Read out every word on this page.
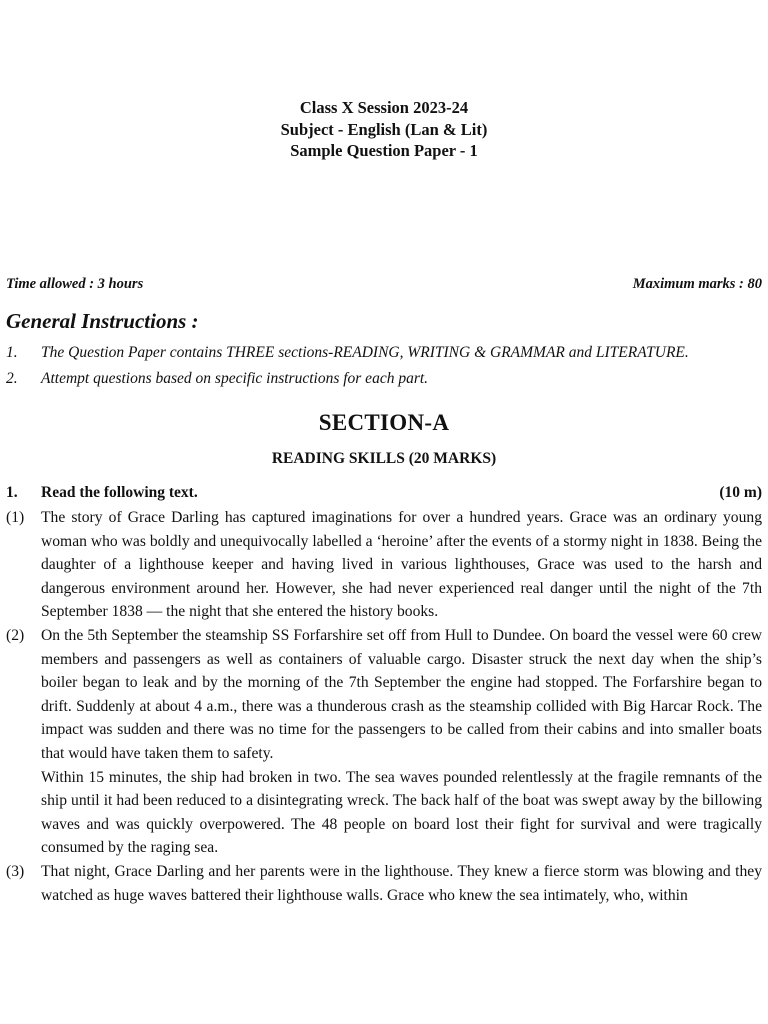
Class X Session 2023-24
Subject - English (Lan & Lit)
Sample Question Paper - 1
Time allowed : 3 hours	Maximum marks : 80
General Instructions :
1. The Question Paper contains THREE sections-READING, WRITING & GRAMMAR and LITERATURE.
2. Attempt questions based on specific instructions for each part.
SECTION-A
READING SKILLS (20 MARKS)
1. Read the following text.	(10 m)
(1) The story of Grace Darling has captured imaginations for over a hundred years. Grace was an ordinary young woman who was boldly and unequivocally labelled a ‘heroine’ after the events of a stormy night in 1838. Being the daughter of a lighthouse keeper and having lived in various lighthouses, Grace was used to the harsh and dangerous environment around her. However, she had never experienced real danger until the night of the 7th September 1838 — the night that she entered the history books.
(2) On the 5th September the steamship SS Forfarshire set off from Hull to Dundee. On board the vessel were 60 crew members and passengers as well as containers of valuable cargo. Disaster struck the next day when the ship’s boiler began to leak and by the morning of the 7th September the engine had stopped. The Forfarshire began to drift. Suddenly at about 4 a.m., there was a thunderous crash as the steamship collided with Big Harcar Rock. The impact was sudden and there was no time for the passengers to be called from their cabins and into smaller boats that would have taken them to safety.
Within 15 minutes, the ship had broken in two. The sea waves pounded relentlessly at the fragile remnants of the ship until it had been reduced to a disintegrating wreck. The back half of the boat was swept away by the billowing waves and was quickly overpowered. The 48 people on board lost their fight for survival and were tragically consumed by the raging sea.
(3) That night, Grace Darling and her parents were in the lighthouse. They knew a fierce storm was blowing and they watched as huge waves battered their lighthouse walls. Grace who knew the sea intimately, who, within
